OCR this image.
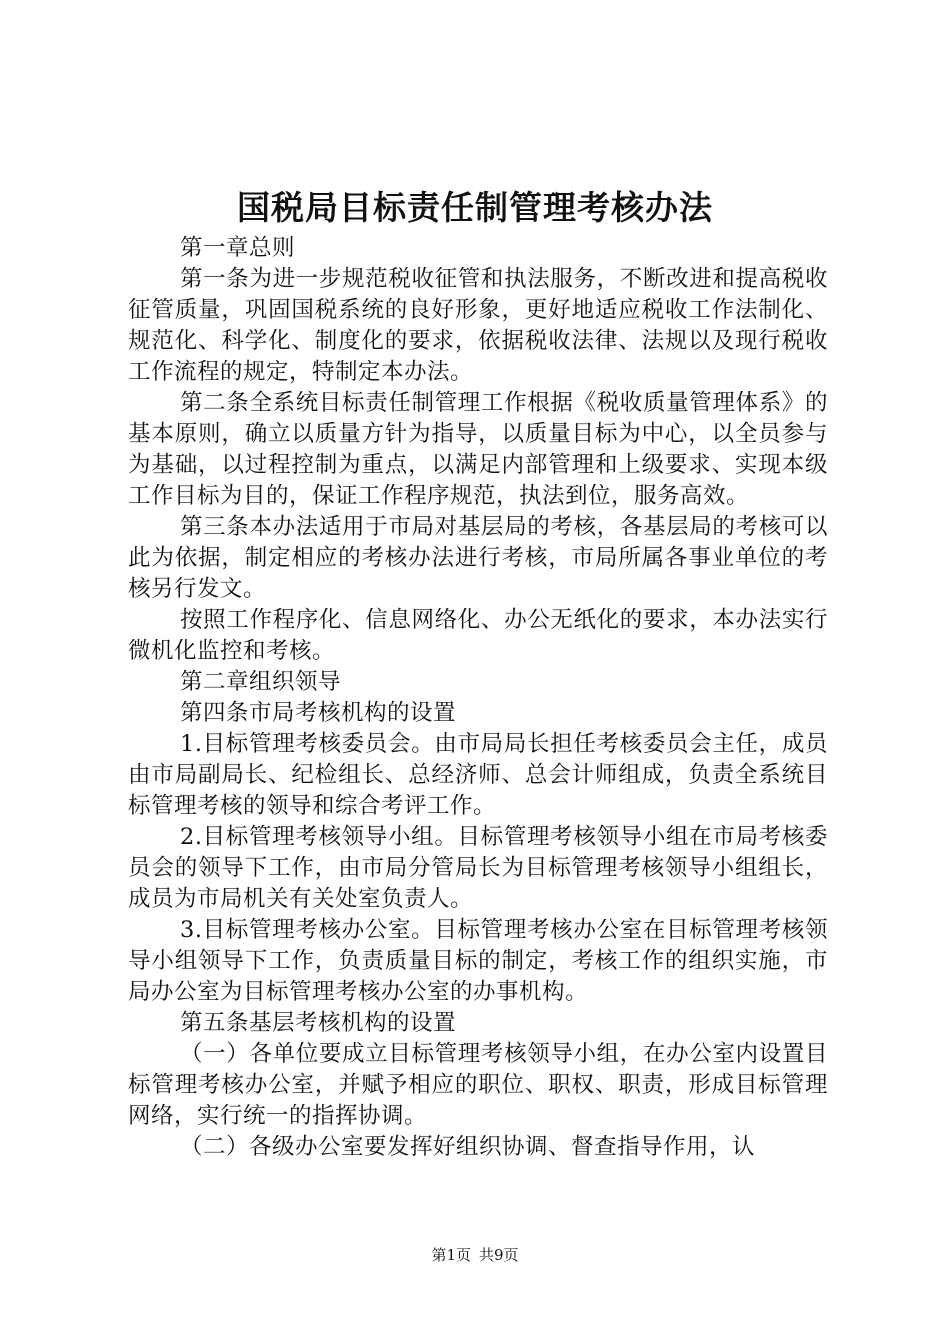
国税局目标责任制管理考核办法

第一章总则

第一条为进一步规范税收征管和执法服务，不断改进和提高税收征管质量，巩固国税系统的良好形象，更好地适应税收工作法制化、规范化、科学化、制度化的要求，依据税收法律、法规以及现行税收工作流程的规定，特制定本办法。

第二条全系统目标责任制管理工作根据《税收质量管理体系》的基本原则，确立以质量方针为指导，以质量目标为中心，以全员参与为基础，以过程控制为重点，以满足内部管理和上级要求、实现本级工作目标为目的，保证工作程序规范，执法到位，服务高效。

第三条本办法适用于市局对基层局的考核，各基层局的考核可以此为依据，制定相应的考核办法进行考核，市局所属各事业单位的考核另行发文。

按照工作程序化、信息网络化、办公无纸化的要求，本办法实行微机化监控和考核。

第二章组织领导

第四条市局考核机构的设置

1.目标管理考核委员会。由市局局长担任考核委员会主任，成员由市局副局长、纪检组长、总经济师、总会计师组成，负责全系统目标管理考核的领导和综合考评工作。

2.目标管理考核领导小组。目标管理考核领导小组在市局考核委员会的领导下工作，由市局分管局长为目标管理考核领导小组组长，成员为市局机关有关处室负责人。

3.目标管理考核办公室。目标管理考核办公室在目标管理考核领导小组领导下工作，负责质量目标的制定，考核工作的组织实施，市局办公室为目标管理考核办公室的办事机构。

第五条基层考核机构的设置

（一）各单位要成立目标管理考核领导小组，在办公室内设置目标管理考核办公室，并赋予相应的职位、职权、职责，形成目标管理网络，实行统一的指挥协调。

（二）各级办公室要发挥好组织协调、督查指导作用，认

第1页 共9页
